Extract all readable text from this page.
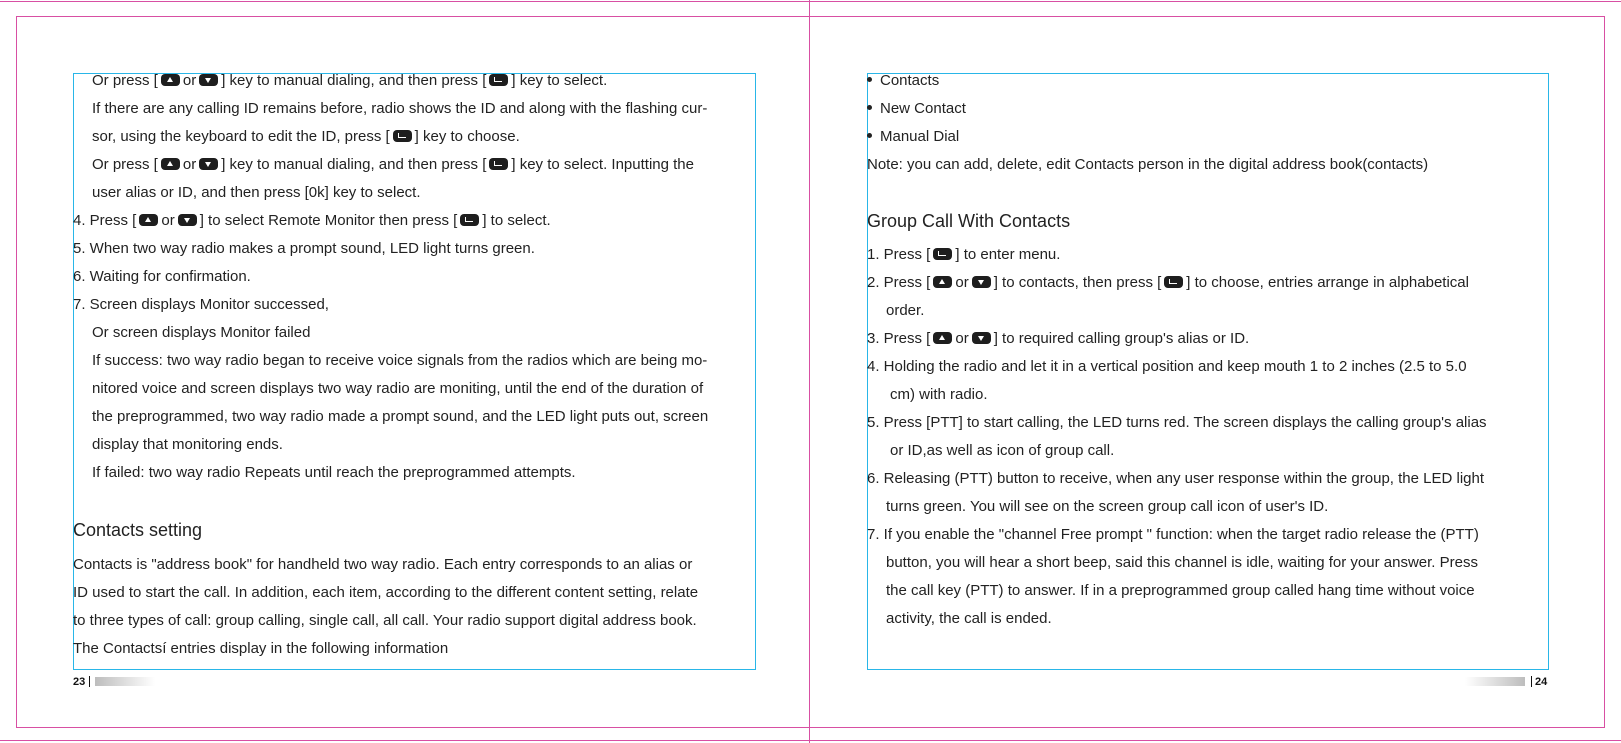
Or press [ or ] key to manual dialing, and then press [ ] key to select.
If there are any calling ID remains before, radio shows the ID and along with the flashing cur-
sor, using the keyboard to edit the ID, press [ ] key to choose.
Or press [ or ] key to manual dialing, and then press [ ] key to select. Inputting the
user alias or ID, and then press [0k] key to select.
4. Press [ or ] to select Remote Monitor then press [ ] to select.
5. When two way radio makes a prompt sound, LED light turns green.
6. Waiting for confirmation.
7. Screen displays Monitor successed,
Or screen displays Monitor failed
If success: two way radio began to receive voice signals from the radios which are being mo-
nitored voice and screen displays two way radio are moniting, until the end of the duration of
the preprogrammed, two way radio made a prompt sound, and the LED light puts out, screen
display that monitoring ends.
If failed: two way radio Repeats until reach the preprogrammed attempts.
Contacts setting
Contacts is "address book" for handheld two way radio. Each entry corresponds to an alias or
ID used to start the call. In addition, each item, according to the different content setting, relate
to three types of call: group calling, single call, all call. Your radio support digital address book.
The Contactsí entries display in the following information
23
Contacts
New Contact
Manual Dial
Note: you can add, delete, edit Contacts person in the digital address book(contacts)
Group Call With Contacts
1. Press [ ] to enter menu.
2. Press [ or ] to contacts, then press [ ] to choose, entries arrange in alphabetical
order.
3. Press [ or ] to required calling group's alias or ID.
4. Holding the radio and let it in a vertical position and keep mouth 1 to 2 inches (2.5 to 5.0
cm) with radio.
5. Press [PTT] to start calling, the LED turns red. The screen displays the calling group's alias
or ID,as well as icon of group call.
6. Releasing (PTT) button to receive, when any user response within the group, the LED light
turns green. You will see on the screen group call icon of user's ID.
7. If you enable the "channel Free prompt " function: when the target radio release the (PTT)
button, you will hear a short beep, said this channel is idle, waiting for your answer. Press
the call key (PTT) to answer. If in a preprogrammed group called hang time without voice
activity, the call is ended.
24
